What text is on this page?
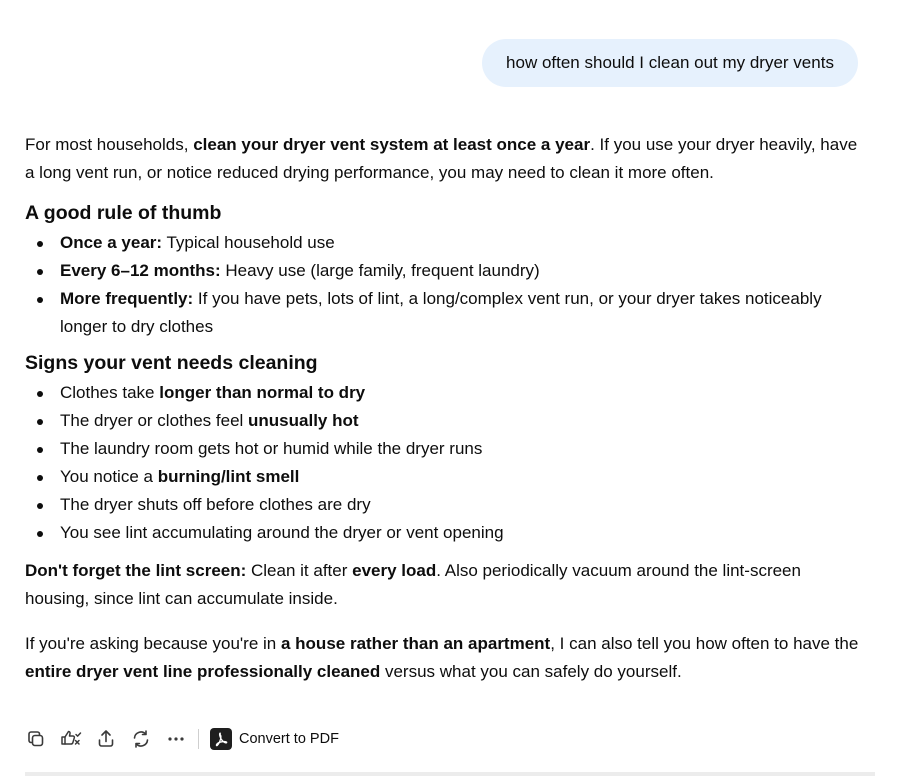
how often should I clean out my dryer vents

For most households, clean your dryer vent system at least once a year. If you use your dryer heavily, have a long vent run, or notice reduced drying performance, you may need to clean it more often.

A good rule of thumb
Once a year: Typical household use
Every 6–12 months: Heavy use (large family, frequent laundry)
More frequently: If you have pets, lots of lint, a long/complex vent run, or your dryer takes noticeably longer to dry clothes
Signs your vent needs cleaning
Clothes take longer than normal to dry
The dryer or clothes feel unusually hot
The laundry room gets hot or humid while the dryer runs
You notice a burning/lint smell
The dryer shuts off before clothes are dry
You see lint accumulating around the dryer or vent opening

Don't forget the lint screen: Clean it after every load. Also periodically vacuum around the lint-screen housing, since lint can accumulate inside.

If you're asking because you're in a house rather than an apartment, I can also tell you how often to have the entire dryer vent line professionally cleaned versus what you can safely do yourself.

Convert to PDF
